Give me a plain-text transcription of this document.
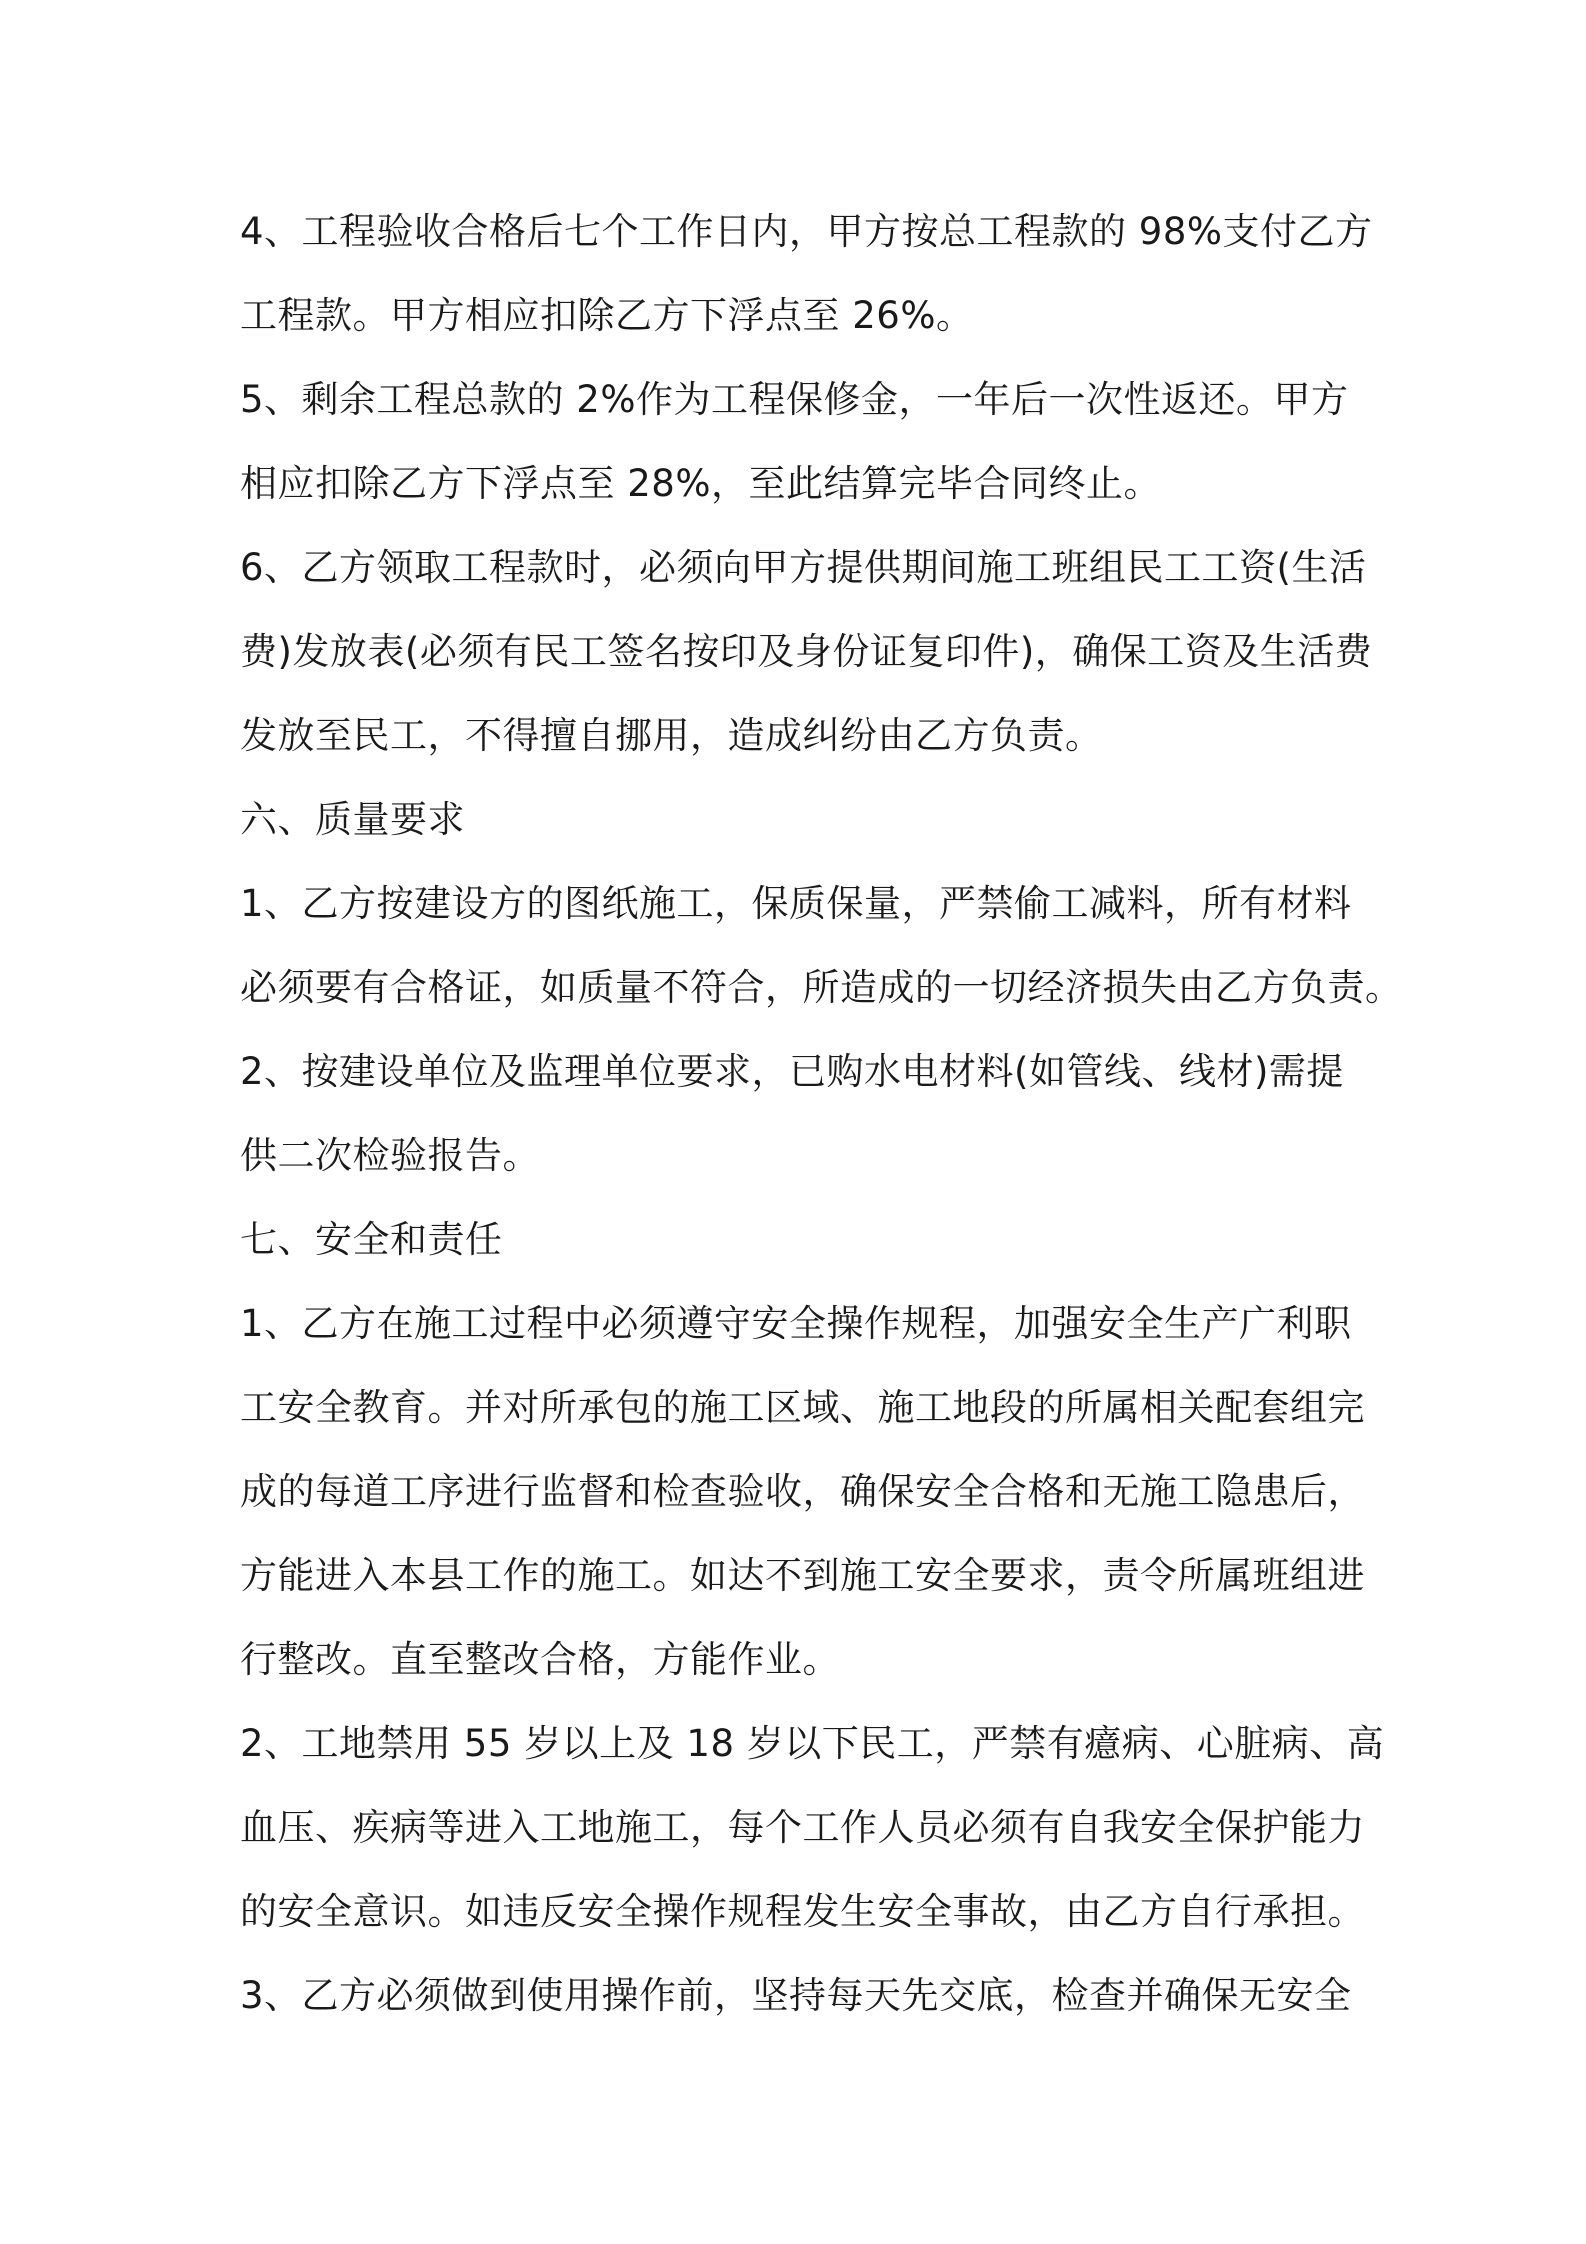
4、工程验收合格后七个工作日内，甲方按总工程款的 98%支付乙方
工程款。甲方相应扣除乙方下浮点至 26%。

5、剩余工程总款的 2%作为工程保修金，一年后一次性返还。甲方
相应扣除乙方下浮点至 28%，至此结算完毕合同终止。

6、乙方领取工程款时，必须向甲方提供期间施工班组民工工资(生活
费)发放表(必须有民工签名按印及身份证复印件)，确保工资及生活费
发放至民工，不得擅自挪用，造成纠纷由乙方负责。

六、质量要求

1、乙方按建设方的图纸施工，保质保量，严禁偷工减料，所有材料
必须要有合格证，如质量不符合，所造成的一切经济损失由乙方负责。

2、按建设单位及监理单位要求，已购水电材料(如管线、线材)需提
供二次检验报告。

七、安全和责任

1、乙方在施工过程中必须遵守安全操作规程，加强安全生产广利职
工安全教育。并对所承包的施工区域、施工地段的所属相关配套组完
成的每道工序进行监督和检查验收，确保安全合格和无施工隐患后，
方能进入本县工作的施工。如达不到施工安全要求，责令所属班组进
行整改。直至整改合格，方能作业。

2、工地禁用 55 岁以上及 18 岁以下民工，严禁有癔病、心脏病、高
血压、疾病等进入工地施工，每个工作人员必须有自我安全保护能力
的安全意识。如违反安全操作规程发生安全事故，由乙方自行承担。

3、乙方必须做到使用操作前，坚持每天先交底，检查并确保无安全
